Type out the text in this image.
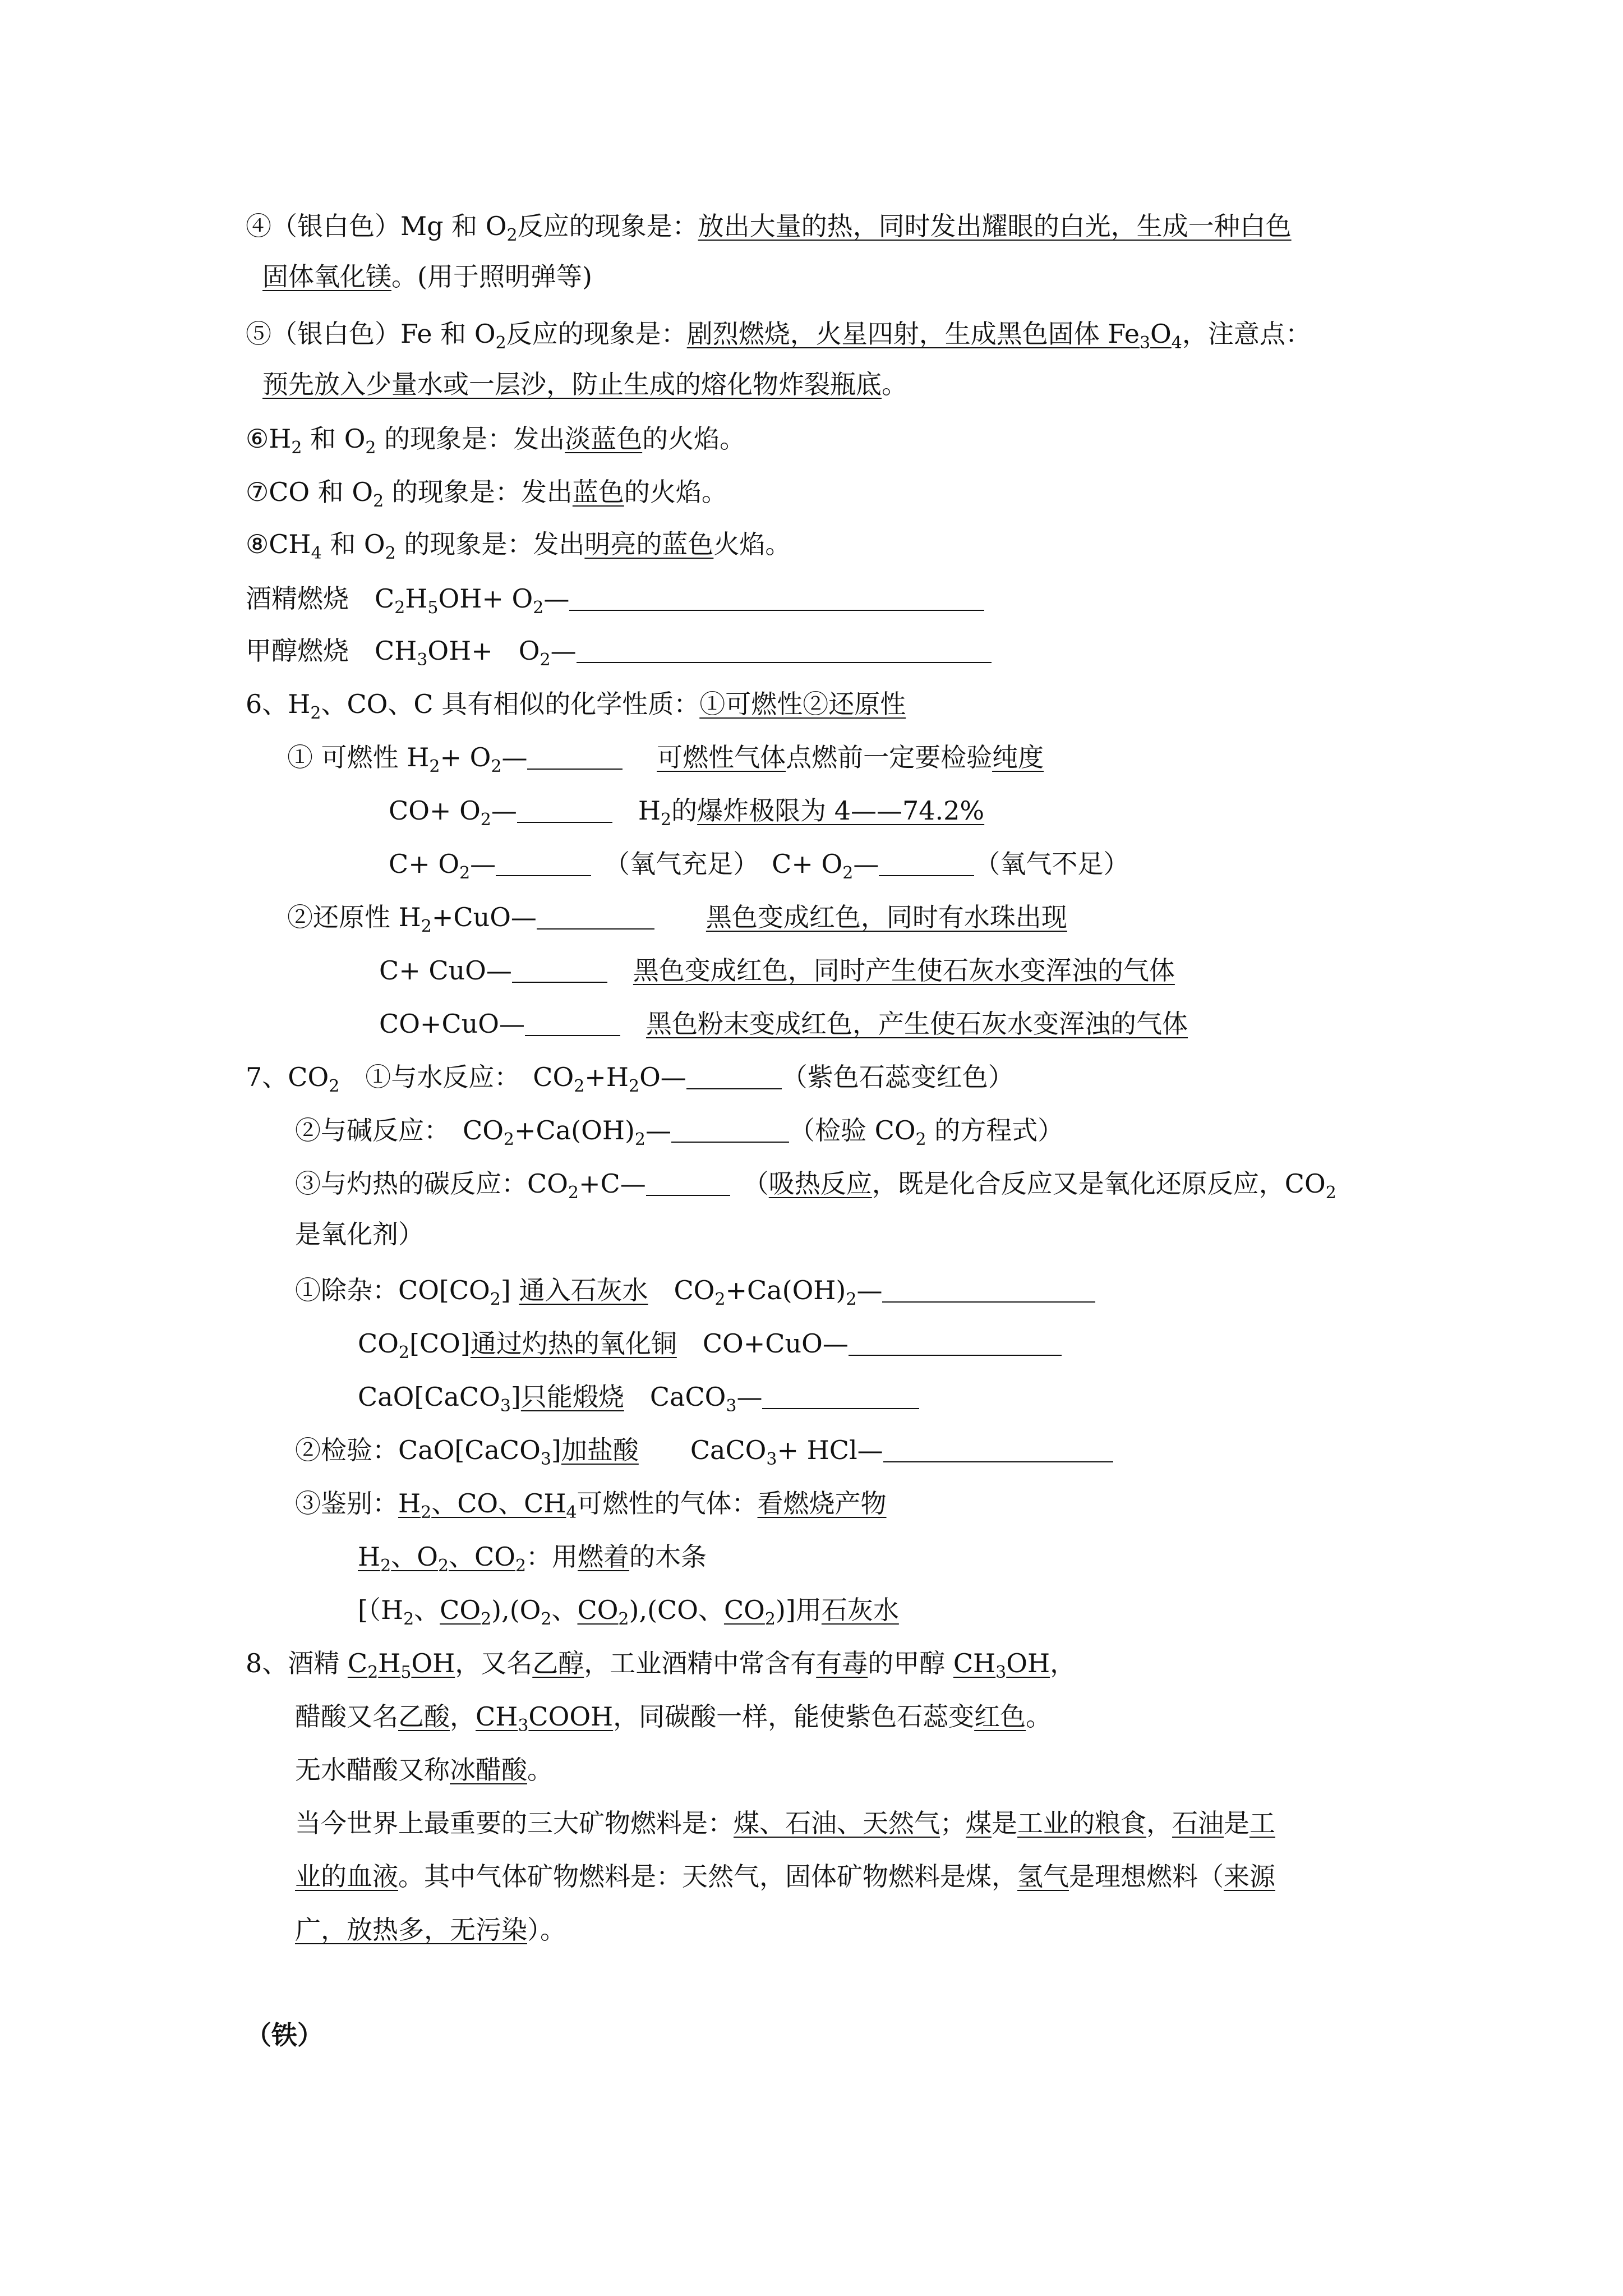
④（银白色）Mg 和 $O_2$反应的现象是：放出大量的热，同时发出耀眼的白光，生成一种白色
固体氧化镁。(用于照明弹等)
⑤（银白色）Fe 和 $O_2$反应的现象是：剧烈燃烧，火星四射，生成黑色固体 $Fe_3O_4$，注意点：
预先放入少量水或一层沙，防止生成的熔化物炸裂瓶底。
$⑥H_2$ 和 $O_2$ 的现象是：发出淡蓝色的火焰。
⑦CO 和 $O_2$ 的现象是：发出蓝色的火焰。
$⑧CH_4$ 和 $O_2$ 的现象是：发出明亮的蓝色火焰。
酒精燃烧　$C_2H_5OH+$ $O_2—$
甲醇燃烧　$CH_3OH+$　$O_2—$
6、$H_2$、CO、C 具有相似的化学性质：①可燃性②还原性
① 可燃性 $H_2+$ $O_2—$　	可燃性气体点燃前一定要检验纯度
$CO+ O_2—$	　$H_2$的爆炸极限为 4——74.2%
$C+ O_2—$	　（氧气充足）　$C+ O_2—$	（氧气不足）
②还原性 $H_2+CuO—$　　	黑色变成红色，同时有水珠出现
C+ CuO—　	黑色变成红色，同时产生使石灰水变浑浊的气体
CO+CuO—　	黑色粉末变成红色，产生使石灰水变浑浊的气体
7、$CO_2$　①与水反应：　$CO_2+H_2O—$	（紫色石蕊变红色）
②与碱反应：　$CO_2+Ca(OH)_2—$	（检验 $CO_2$ 的方程式）
③与灼热的碳反应：$CO_2+C—$	　（吸热反应，既是化合反应又是氧化还原反应，$CO_2$
是氧化剂）
①除杂：$CO[CO_2]$ 通入石灰水　$CO_2+Ca(OH)_2—$
$CO_2[CO]$通过灼热的氧化铜　CO+CuO—
CaO[CaCO$_3$]只能煅烧　CaCO$_3$—
②检验：CaO[CaCO$_3$]加盐酸　　CaCO$_3$+ HCl—
③鉴别：$H_2$、CO、$CH_4$可燃性的气体：看燃烧产物
$H_2$、$O_2$、$CO_2$：用燃着的木条
[（$H_2$、$CO_2),(O_2$、$CO_2),(CO$、$CO_2$)]用石灰水
8、酒精 $C_2H_5OH$，又名乙醇，工业酒精中常含有有毒的甲醇 $CH_3OH$，
醋酸又名乙酸，$CH_3COOH$，同碳酸一样，能使紫色石蕊变红色。
无水醋酸又称冰醋酸。
当今世界上最重要的三大矿物燃料是：煤、石油、天然气；煤是工业的粮食，石油是工
业的血液。其中气体矿物燃料是：天然气，固体矿物燃料是煤，氢气是理想燃料（来源
广，放热多，无污染）。
（铁）
